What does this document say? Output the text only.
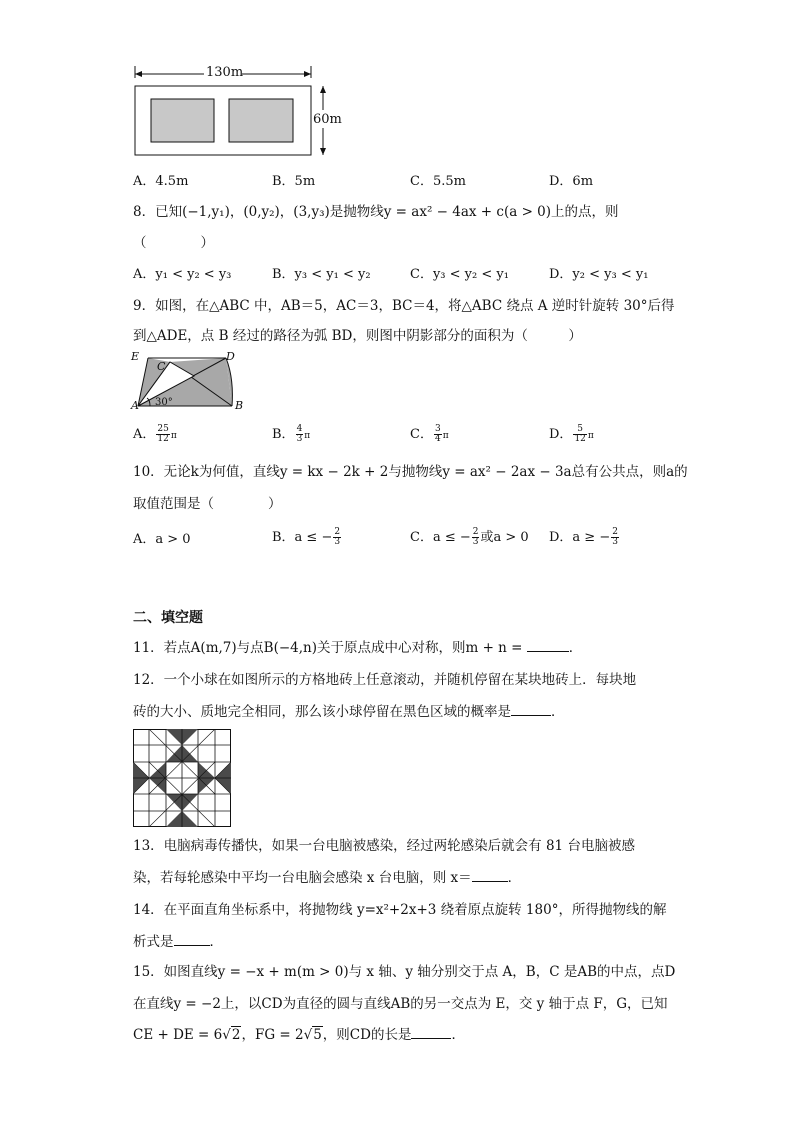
130m
60m
A．4.5m	B．5m	C．5.5m	D．6m
8．已知(−1,y₁)，(0,y₂)，(3,y₃)是抛物线y = ax² − 4ax + c(a > 0)上的点，则
（　　　　）
A．y₁ < y₂ < y₃	B．y₃ < y₁ < y₂	C．y₃ < y₂ < y₁	D．y₂ < y₃ < y₁
9．如图，在△ABC 中，AB＝5，AC＝3，BC＝4，将△ABC 绕点 A 逆时针旋转 30°后得
到△ADE，点 B 经过的路径为弧 BD，则图中阴影部分的面积为（　　　）
E
C
D
A	B
30°
A． $\frac{25}{12}$ π	B． $\frac{4}{3}$ π	C． $\frac{3}{4}$ π	D． $\frac{5}{12}$ π
10．无论k为何值，直线y = kx − 2k + 2与抛物线y = ax² − 2ax − 3a总有公共点，则a的
取值范围是（　　　　）
A．a > 0	B．a ≤ − $\frac{2}{3}$	C．a ≤ − $\frac{2}{3}$ 或a > 0 D．a ≥ − $\frac{2}{3}$
二、填空题
11．若点A(m,7)与点B(−4,n)关于原点成中心对称，则m + n =	．
12．一个小球在如图所示的方格地砖上任意滚动，并随机停留在某块地砖上．每块地
砖的大小、质地完全相同，那么该小球停留在黑色区域的概率是	．
13．电脑病毒传播快，如果一台电脑被感染，经过两轮感染后就会有 81 台电脑被感
染，若每轮感染中平均一台电脑会感染 x 台电脑，则 x＝	．
14．在平面直角坐标系中，将抛物线 y=x²+2x+3 绕着原点旋转 180°，所得抛物线的解
析式是	．
15．如图直线y = −x + m(m > 0)与 x 轴、y 轴分别交于点 A，B，C 是AB的中点，点D
在直线y = −2上，以CD为直径的圆与直线AB的另一交点为 E，交 y 轴于点 F，G，已知
CE + DE = 6√2，FG = 2√5，则CD的长是	．
